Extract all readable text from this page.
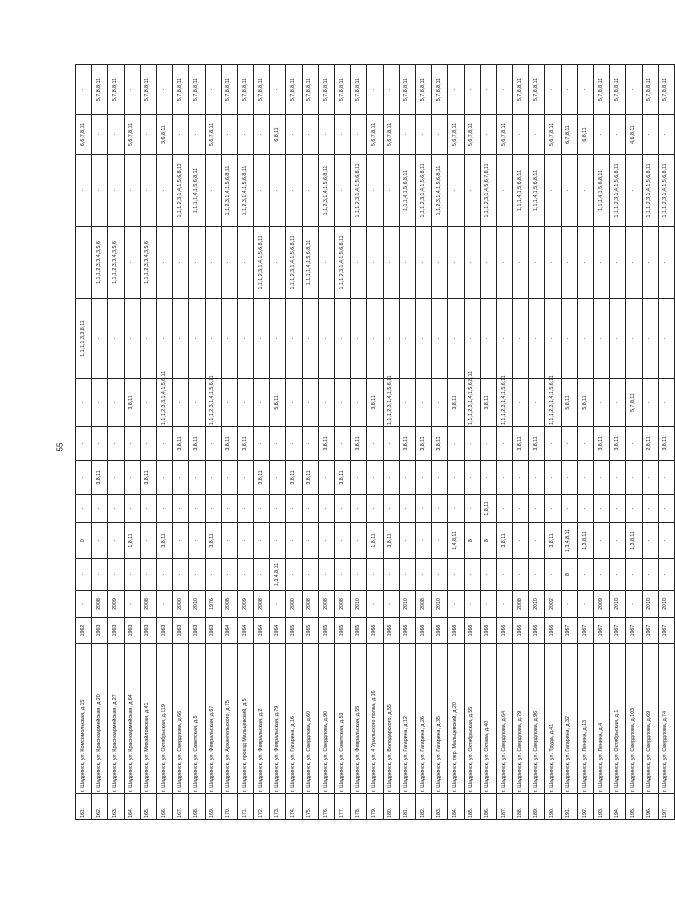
55
161.	г. Шадринск, ул. Комсомольская, д.15	1962	-	-	0	-	-	-	-	1,1,1,1,3,3,8,11		-	6,6,7,8,11	-
162.	г. Шадринск, ул. Красноармейская, д.20	1963	2008	-	-	-	3,8,11	-	-	-	1,1,1,2,3,3,4,3,5,6	-	-	5,7,8,8,11
163.	г. Шадринск, ул. Красноармейская, д.27	1963	2009	-	-	-	-	-	-	-	1,1,1,2,3,3,4,3,5,6	-	-	5,7,8,8,11
164.	г. Шадринск, ул. Красноармейская, д.64	1963	-	-	1,8,11	-	-	-	3,8,11	-	-	-	5,6,7,8,11	-
165.	г. Шадринск, ул. Михайловская, д.41	1963	2008	-	-	-	3,8,11	-	-	-	1,1,1,2,3,3,4,3,5,6	-	-	5,7,8,8,11
166.	г. Шадринск, ул. Октябрьская, д.119	1963	-	-	3,8,11	-	-	-	1,1,1,2,3,3,1,4,1,5,6,11	-	-	-	3,6,8,11	-
167.	г. Шадринск, ул. Свердлова, д.66	1963	2000	-	-	-	-	3,8,11	-	-	-	1,1,1,2,3,1,4,1,5,6,8,11	-	5,7,8,8,11
168.	г. Шадринск, ул. Советская, д.5	1963	2010	-	-	-	-	3,8,11	-	-	-	1,1,1,1,4,1,5,6,8,11	-	5,7,8,8,11
169.	г. Шадринск, ул. Февральская, д.67	1963	1976	-	3,8,11	-	-	-	1,1,1,2,3,1,4,1,5,6,11	-	-	-	5,6,7,8,11	-
170.	г. Шадринск, ул. Архангельского, д.75	1964	2008	-	-	-	-	3,8,11	-	-	-	1,1,2,3,1,4,1,5,6,8,11	-	5,7,8,8,11
171.	г. Шадринск, проезд Мальцевский, д.5	1964	2009	-	-	-	-	3,8,11	-	-	-	1,1,2,3,1,4,1,5,6,8,11	-	5,7,8,8,11
172.	г. Шадринск, ул. Февральская, д.2	1964	2008	-	-	-	3,8,11	-	-	-	1,1,1,2,3,1,4,1,5,6,8,11	-	-	5,7,8,8,11
173.	г. Шадринск, ул. Февральская, д.79	1964	-	1,3,4,8,11	-	-	-	-	5,8,11	-	-	-	6,8,11	-
174.	г. Шадринск, ул. Гагарина, д.16	1965	2000	-	-	-	3,8,11	-	-	-	1,1,1,2,3,1,4,1,5,6,8,11	-	-	5,7,8,8,11
175.	г. Шадринск, ул. Свердлова, д.60	1965	2008	-	-	-	3,8,11	-	-	-	1,1,1,1,4,1,5,6,8,11	-	-	5,7,8,8,11
176.	г. Шадринск, ул. Свердлова, д.90	1965	2008	-	-	-	-	3,8,11	-	-	-	1,1,2,3,1,4,1,5,6,8,11	-	5,7,8,8,11
177.	г. Шадринск, ул. Советская, д.53	1965	2008	-	-	-	3,8,11	-	-	-	1,1,1,2,3,1,4,1,5,6,8,11	-	-	5,7,8,8,11
178.	г. Шадринск, ул. Февральская, д.55	1965	2010	-	-	-	-	3,8,11	-	-	-	1,1,1,2,3,1,4,1,5,6,8,11	-	5,7,8,8,11
179.	г. Шадринск, ул. 4 Уральского полка, д.16	1966	-	-	1,8,11	-	-	-	3,8,11	-	-	-	5,6,7,8,11	-
180.	г. Шадринск, ул. Володарского, д.55	1966	-	-	3,8,11	-	-	-	1,1,1,2,3,1,4,1,5,6,11	-	-	-	5,6,7,8,11	-
181.	г. Шадринск, ул. Гагарина, д.12	1966	2010	-	-	-	-	3,8,11	-	-	-	1,1,1,4,1,5,6,8,11	-	5,7,8,8,11
182.	г. Шадринск, ул. Гагарина, д.26	1966	2008	-	-	-	-	3,8,11	-	-	-	1,1,1,2,3,1,4,1,5,6,8,11	-	5,7,8,8,11
183.	г. Шадринск, ул. Гагарина, д.35	1966	2010	-	-	-	-	3,8,11	-	-	-	1,1,2,3,1,4,1,5,6,8,11	-	5,7,8,8,11
184.	г. Шадринск, пер. Мальцевский, д.20	1966	-	-	1,4,8,11	-	-	-	3,8,11	-	-	-	5,6,7,8,11	-
185.	г. Шадринск, ул. Октябрьская, д.55	1966	-	-	8	-	-	-	1,1,1,2,3,1,4,1,5,6,8,11	-	-	-	5,6,7,8,11	-
186.	г. Шадринск, ул. Октава, д.40	1966	-	-	8	1,8,11	-	-	3,8,11	-	-	1,1,1,2,3,1,4,5,6,7,8,11	-	-
187.	г. Шадринск, ул. Свердлова, д.64	1966	-	-	3,8,11	-	-	-	1,1,1,2,3,1,4,1,5,6,11	-	-	-	5,6,7,8,11	-
188.	г. Шадринск, ул. Свердлова, д.79	1966	2008	-	-	-	-	3,8,11	-	-	-	1,1,1,4,1,5,6,8,11	-	5,7,8,8,11
189.	г. Шадринск, ул. Свердлова, д.96	1966	2010	-	-	-	-	3,8,11	-	-	-	1,1,1,4,1,5,6,8,11	-	5,7,8,8,11
190.	г. Шадринск, ул. Труда, д.41	1966	2002	-	3,8,11	-	-	-	1,1,1,2,3,1,4,1,5,6,11	-	-	-	5,6,7,8,11	-
191.	г. Шадринск, ул. Гагарина, д.32	1967	-	8	1,3,4,8,11	-	-	-	5,8,11	-	-	-	6,7,8,11	-
192.	г. Шадринск, ул. Ленина, д.13	1967	-	-	1,3,8,11	-	-	-	5,8,11	-	-	-	6,8,11	-
193.	г. Шадринск, ул. Ленина, д.4	1967	2009	-	-	-	-	3,8,11	-	-	-	1,1,1,4,1,5,6,8,11	-	5,7,8,8,11
194.	г. Шадринск, ул. Октябрьская, д.1	1967	2010	-	-	-	-	3,8,11	-	-	-	1,1,1,2,3,1,4,1,5,6,8,11	-	5,7,8,8,11
195.	г. Шадринск, ул. Свердлова, д.103	1967	-	-	1,3,8,11	-	-	-	5,7,8,11	-	-	-	4,6,8,11	-
196.	г. Шадринск, ул. Свердлова, д.69	1967	2010	-	-	-	-	2,8,11	-	-	-	1,1,1,2,3,1,4,1,5,6,8,11	-	5,7,8,8,11
197.	г. Шадринск, ул. Свердлова, д.74	1967	2010	-	-	-	-	3,8,11	-	-	-	1,1,1,2,3,1,4,1,5,6,8,11	-	5,7,8,8,11
